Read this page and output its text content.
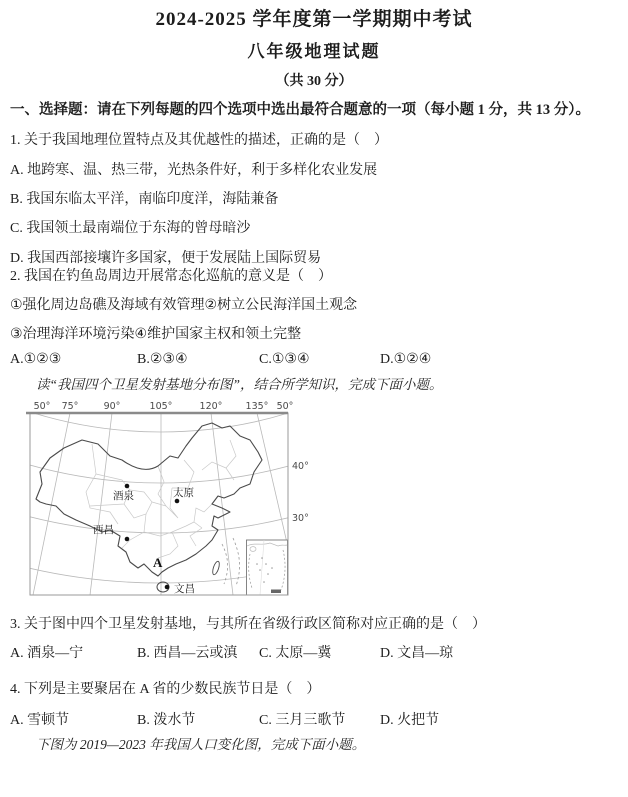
2024-2025 学年度第一学期期中考试
八年级地理试题
（共 30 分）
一、选择题：请在下列每题的四个选项中选出最符合题意的一项（每小题 1 分，共 13 分）。
1. 关于我国地理位置特点及其优越性的描述，正确的是（　）
A. 地跨寒、温、热三带，光热条件好，利于多样化农业发展
B. 我国东临太平洋，南临印度洋，海陆兼备
C. 我国领土最南端位于东海的曾母暗沙
D. 我国西部接壤许多国家，便于发展陆上国际贸易
2. 我国在钓鱼岛周边开展常态化巡航的意义是（　）
①强化周边岛礁及海域有效管理②树立公民海洋国土观念
③治理海洋环境污染④维护国家主权和领土完整
A.①②③	B.②③④	C.①③④	D.①②④
读“我国四个卫星发射基地分布图”，结合所学知识，完成下面小题。
50° 75°	90°	105°	120° 135° 50°
40°
30°
酒泉	太原
西昌
文昌
A
3. 关于图中四个卫星发射基地，与其所在省级行政区简称对应正确的是（　）
A. 酒泉—宁	B. 西昌—云或滇	C. 太原—冀	D. 文昌—琼
4. 下列是主要聚居在 A 省的少数民族节日是（　）
A. 雪顿节	B. 泼水节	C. 三月三歌节	D. 火把节
下图为 2019—2023 年我国人口变化图，完成下面小题。
